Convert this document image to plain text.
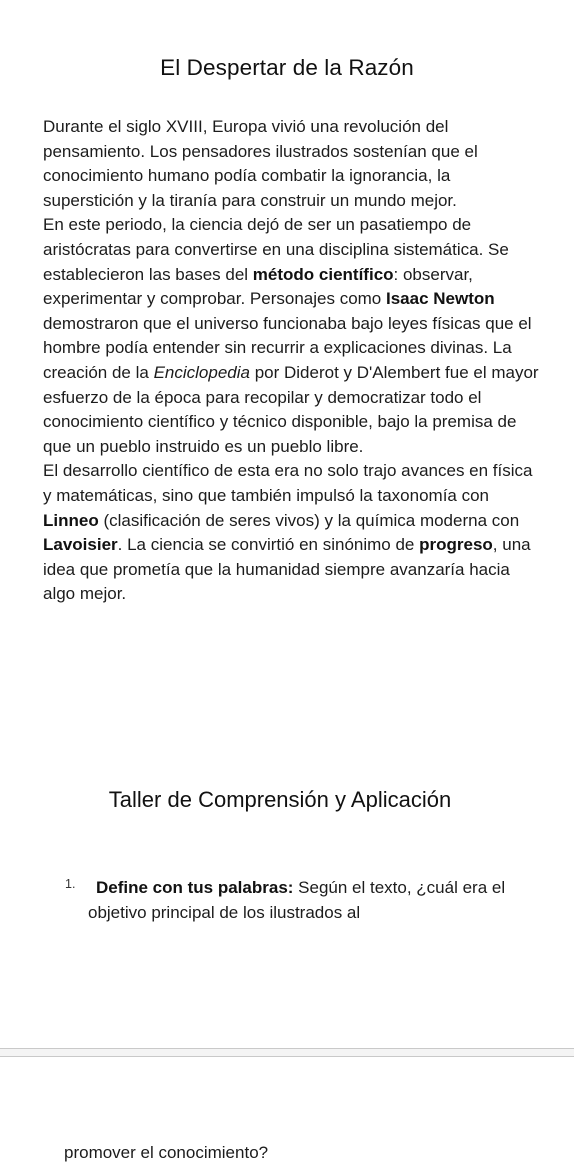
El Despertar de la Razón

Durante el siglo XVIII, Europa vivió una revolución del pensamiento. Los pensadores ilustrados sostenían que el conocimiento humano podía combatir la ignorancia, la superstición y la tiranía para construir un mundo mejor.

En este periodo, la ciencia dejó de ser un pasatiempo de aristócratas para convertirse en una disciplina sistemática. Se establecieron las bases del método científico: observar, experimentar y comprobar. Personajes como Isaac Newton demostraron que el universo funcionaba bajo leyes físicas que el hombre podía entender sin recurrir a explicaciones divinas. La creación de la Enciclopedia por Diderot y D'Alembert fue el mayor esfuerzo de la época para recopilar y democratizar todo el conocimiento científico y técnico disponible, bajo la premisa de que un pueblo instruido es un pueblo libre.

El desarrollo científico de esta era no solo trajo avances en física y matemáticas, sino que también impulsó la taxonomía con Linneo (clasificación de seres vivos) y la química moderna con Lavoisier. La ciencia se convirtió en sinónimo de progreso, una idea que prometía que la humanidad siempre avanzaría hacia algo mejor.

Taller de Comprensión y Aplicación
1.	Define con tus palabras: Según el texto, ¿cuál era el objetivo principal de los ilustrados al
promover el conocimiento?
